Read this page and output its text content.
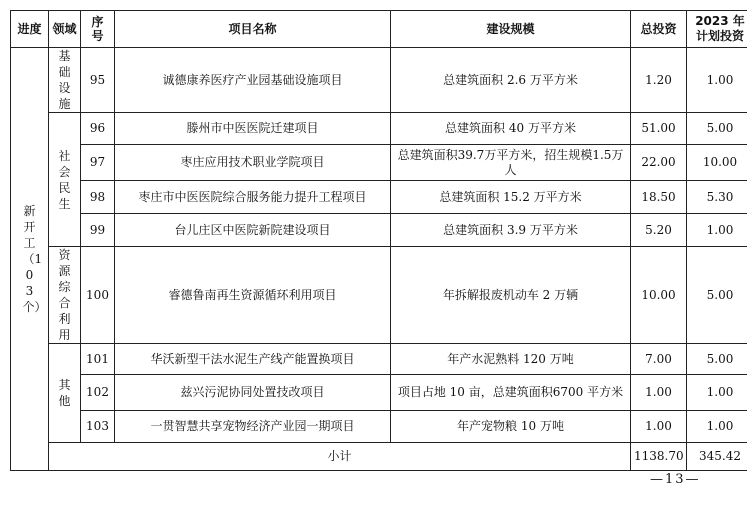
进度	领域	序号	项目名称	建设规模	总投资	2023 年
计划投资

新开工（103个）	基础设施	95	诚德康养医疗产业园基础设施项目	总建筑面积 2.6 万平方米	1.20	1.00
	社会民生	96	滕州市中医医院迁建项目	总建筑面积 40 万平方米	51.00	5.00
		97	枣庄应用技术职业学院项目	总建筑面积39.7万平方米，招生规模1.5万人	22.00	10.00
		98	枣庄市中医医院综合服务能力提升工程项目	总建筑面积 15.2 万平方米	18.50	5.30
		99	台儿庄区中医院新院建设项目	总建筑面积 3.9 万平方米	5.20	1.00
	资源综合利用	100	睿德鲁南再生资源循环利用项目	年拆解报废机动车 2 万辆	10.00	5.00
	其他	101	华沃新型干法水泥生产线产能置换项目	年产水泥熟料 120 万吨	7.00	5.00
		102	兹兴污泥协同处置技改项目	项目占地 10 亩，总建筑面积6700 平方米	1.00	1.00
		103	一贯智慧共享宠物经济产业园一期项目	年产宠物粮 10 万吨	1.00	1.00
	小计				1138.70	345.42
—13—
